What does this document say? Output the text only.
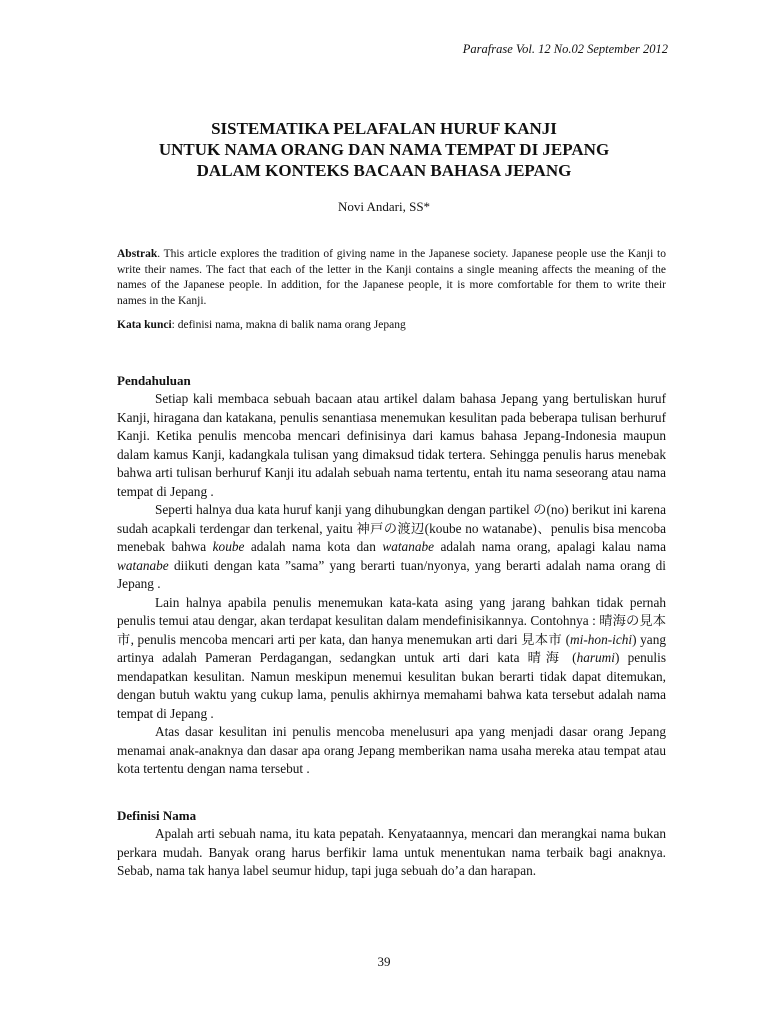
Parafrase Vol. 12 No.02 September 2012
SISTEMATIKA PELAFALAN HURUF KANJI
UNTUK NAMA ORANG DAN NAMA TEMPAT DI JEPANG
DALAM KONTEKS BACAAN BAHASA JEPANG
Novi Andari, SS*
Abstrak. This article explores the tradition of giving name in the Japanese society. Japanese people use the Kanji to write their names. The fact that each of the letter in the Kanji contains a single meaning affects the meaning of the names of the Japanese people. In addition, for the Japanese people, it is more comfortable for them to write their names in the Kanji.
Kata kunci: definisi nama, makna di balik nama orang Jepang
Pendahuluan

Setiap kali membaca sebuah bacaan atau artikel dalam bahasa Jepang yang bertuliskan huruf Kanji, hiragana dan katakana, penulis senantiasa menemukan kesulitan pada beberapa tulisan berhuruf Kanji. Ketika penulis mencoba mencari definisinya dari kamus bahasa Jepang-Indonesia maupun dalam kamus Kanji, kadangkala tulisan yang dimaksud tidak tertera. Sehingga penulis harus menebak bahwa arti tulisan berhuruf Kanji itu adalah sebuah nama tertentu, entah itu nama seseorang atau nama tempat di Jepang .

Seperti halnya dua kata huruf kanji yang dihubungkan dengan partikel の(no) berikut ini karena sudah acapkali terdengar dan terkenal, yaitu 神戸の渡辺(koube no watanabe)、penulis bisa mencoba menebak bahwa koube adalah nama kota dan watanabe adalah nama orang, apalagi kalau nama watanabe diikuti dengan kata ”sama” yang berarti tuan/nyonya, yang berarti adalah nama orang di Jepang .

Lain halnya apabila penulis menemukan kata-kata asing yang jarang bahkan tidak pernah penulis temui atau dengar, akan terdapat kesulitan dalam mendefinisikannya. Contohnya : 晴海の見本市, penulis mencoba mencari arti per kata, dan hanya menemukan arti dari 見本市 (mi-hon-ichi) yang artinya adalah Pameran Perdagangan, sedangkan untuk arti dari kata 晴海 (harumi) penulis mendapatkan kesulitan. Namun meskipun menemui kesulitan bukan berarti tidak dapat ditemukan, dengan butuh waktu yang cukup lama, penulis akhirnya memahami bahwa kata tersebut adalah nama tempat di Jepang .

Atas dasar kesulitan ini penulis mencoba menelusuri apa yang menjadi dasar orang Jepang menamai anak-anaknya dan dasar apa orang Jepang memberikan nama usaha mereka atau tempat atau kota tertentu dengan nama tersebut .

Definisi Nama

Apalah arti sebuah nama, itu kata pepatah. Kenyataannya, mencari dan merangkai nama bukan perkara mudah. Banyak orang harus berfikir lama untuk menentukan nama terbaik bagi anaknya. Sebab, nama tak hanya label seumur hidup, tapi juga sebuah do’a dan harapan.

39
